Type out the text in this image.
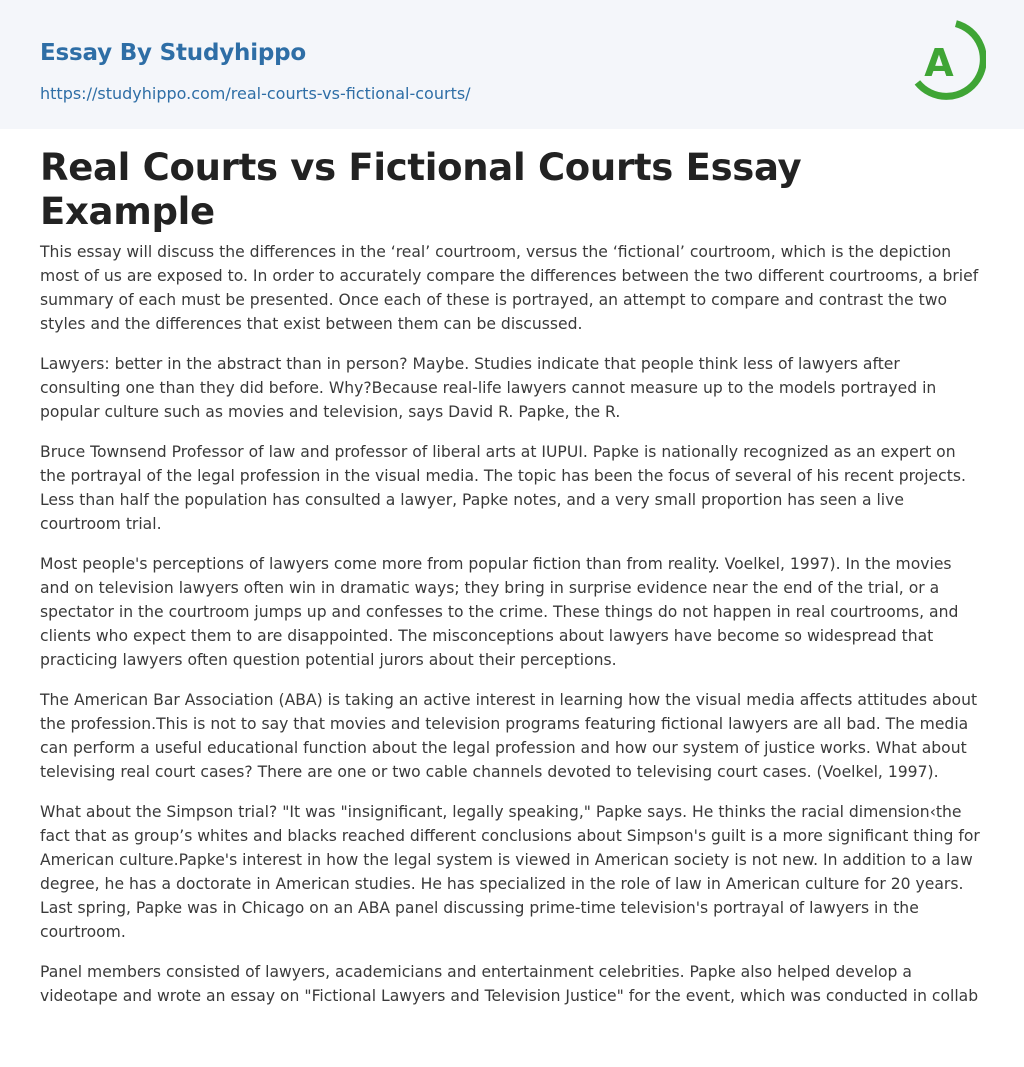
Essay By Studyhippo
https://studyhippo.com/real-courts-vs-fictional-courts/
A
Real Courts vs Fictional Courts Essay Example

This essay will discuss the differences in the ‘real’ courtroom, versus the ‘fictional’ courtroom, which is the depiction most of us are exposed to. In order to accurately compare the differences between the two different courtrooms, a brief summary of each must be presented. Once each of these is portrayed, an attempt to compare and contrast the two styles and the differences that exist between them can be discussed.

Lawyers: better in the abstract than in person? Maybe. Studies indicate that people think less of lawyers after consulting one than they did before. Why?Because real-life lawyers cannot measure up to the models portrayed in popular culture such as movies and television, says David R. Papke, the R.

Bruce Townsend Professor of law and professor of liberal arts at IUPUI. Papke is nationally recognized as an expert on the portrayal of the legal profession in the visual media. The topic has been the focus of several of his recent projects. Less than half the population has consulted a lawyer, Papke notes, and a very small proportion has seen a live courtroom trial.

Most people's perceptions of lawyers come more from popular fiction than from reality. Voelkel, 1997). In the movies and on television lawyers often win in dramatic ways; they bring in surprise evidence near the end of the trial, or a spectator in the courtroom jumps up and confesses to the crime. These things do not happen in real courtrooms, and clients who expect them to are disappointed. The misconceptions about lawyers have become so widespread that practicing lawyers often question potential jurors about their perceptions.

The American Bar Association (ABA) is taking an active interest in learning how the visual media affects attitudes about the profession.This is not to say that movies and television programs featuring fictional lawyers are all bad. The media can perform a useful educational function about the legal profession and how our system of justice works. What about televising real court cases? There are one or two cable channels devoted to televising court cases. (Voelkel, 1997).

What about the Simpson trial? "It was "insignificant, legally speaking," Papke says. He thinks the racial dimension‹the fact that as group’s whites and blacks reached different conclusions about Simpson's guilt is a more significant thing for American culture.Papke's interest in how the legal system is viewed in American society is not new. In addition to a law degree, he has a doctorate in American studies. He has specialized in the role of law in American culture for 20 years. Last spring, Papke was in Chicago on an ABA panel discussing prime-time television's portrayal of lawyers in the courtroom.

Panel members consisted of lawyers, academicians and entertainment celebrities. Papke also helped develop a videotape and wrote an essay on "Fictional Lawyers and Television Justice" for the event, which was conducted in collab
